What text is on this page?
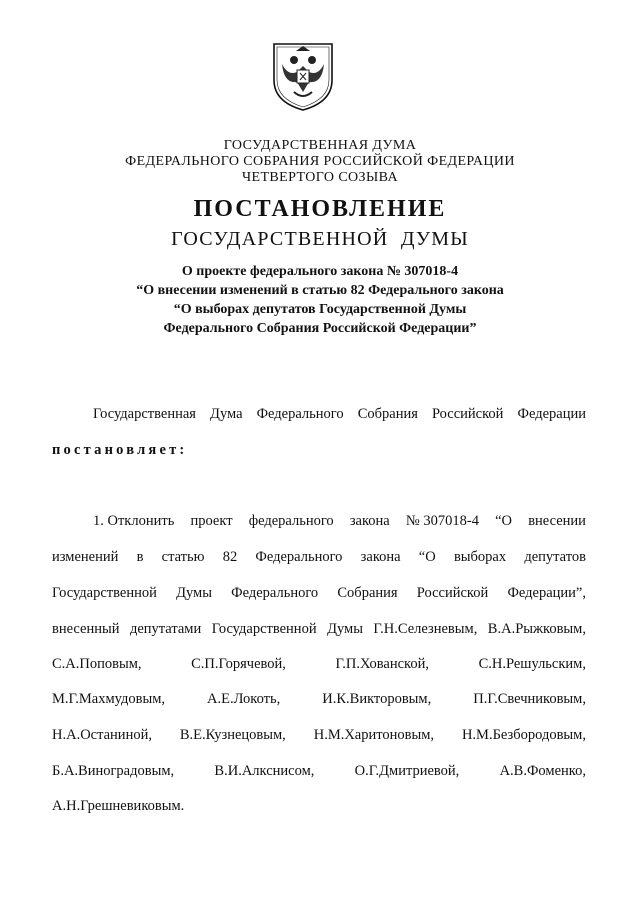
ГОСУДАРСТВЕННАЯ ДУМА
ФЕДЕРАЛЬНОГО СОБРАНИЯ РОССИЙСКОЙ ФЕДЕРАЦИИ
ЧЕТВЕРТОГО СОЗЫВА
ПОСТАНОВЛЕНИЕ
ГОСУДАРСТВЕННОЙ  ДУМЫ
О проекте федерального закона № 307018-4
“О внесении изменений в статью 82 Федерального закона
“О выборах депутатов Государственной Думы
Федерального Собрания Российской Федерации”
Государственная Дума Федерального Собрания Российской Федерации
постановляет:
1. Отклонить проект федерального закона № 307018-4 “О внесении
изменений в статью 82 Федерального закона “О выборах депутатов
Государственной Думы Федерального Собрания Российской Федерации”,
внесенный депутатами Государственной Думы Г.Н.Селезневым, В.А.Рыжковым,
С.А.Поповым,	С.П.Горячевой,	Г.П.Хованской,	С.Н.Решульским,
М.Г.Махмудовым,	А.Е.Локоть,	И.К.Викторовым,	П.Г.Свечниковым,
Н.А.Останиной, В.Е.Кузнецовым, Н.М.Харитоновым, Н.М.Безбородовым,
Б.А.Виноградовым,	В.И.Алкснисом,	О.Г.Дмитриевой,	А.В.Фоменко,
А.Н.Грешневиковым.
